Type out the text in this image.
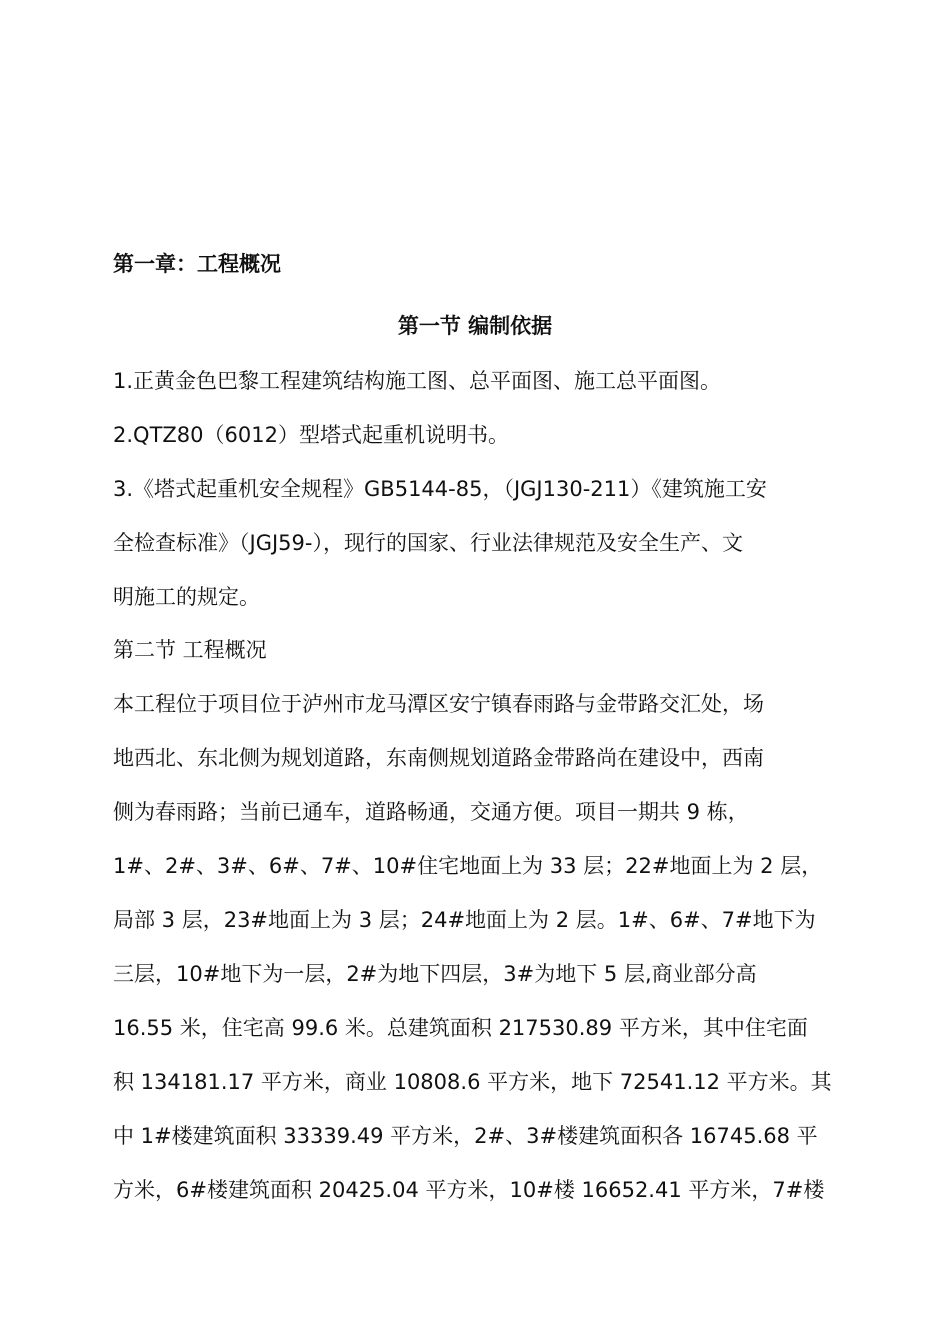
第一章：工程概况
第一节 编制依据
1.正黄金色巴黎工程建筑结构施工图、总平面图、施工总平面图。
2.QTZ80（6012）型塔式起重机说明书。
3.《塔式起重机安全规程》GB5144-85，（JGJ130-211）《建筑施工安
全检查标准》（JGJ59-），现行的国家、行业法律规范及安全生产、文
明施工的规定。
第二节 工程概况
本工程位于项目位于泸州市龙马潭区安宁镇春雨路与金带路交汇处，场
地西北、东北侧为规划道路，东南侧规划道路金带路尚在建设中，西南
侧为春雨路；当前已通车，道路畅通，交通方便。项目一期共 9 栋，
1#、2#、3#、6#、7#、10#住宅地面上为 33 层；22#地面上为 2 层，
局部 3 层，23#地面上为 3 层；24#地面上为 2 层。1#、6#、7#地下为
三层，10#地下为一层，2#为地下四层，3#为地下 5 层,商业部分高
16.55 米，住宅高 99.6 米。总建筑面积 217530.89 平方米，其中住宅面
积 134181.17 平方米，商业 10808.6 平方米，地下 72541.12 平方米。其
中 1#楼建筑面积 33339.49 平方米，2#、3#楼建筑面积各 16745.68 平
方米，6#楼建筑面积 20425.04 平方米，10#楼 16652.41 平方米，7#楼
